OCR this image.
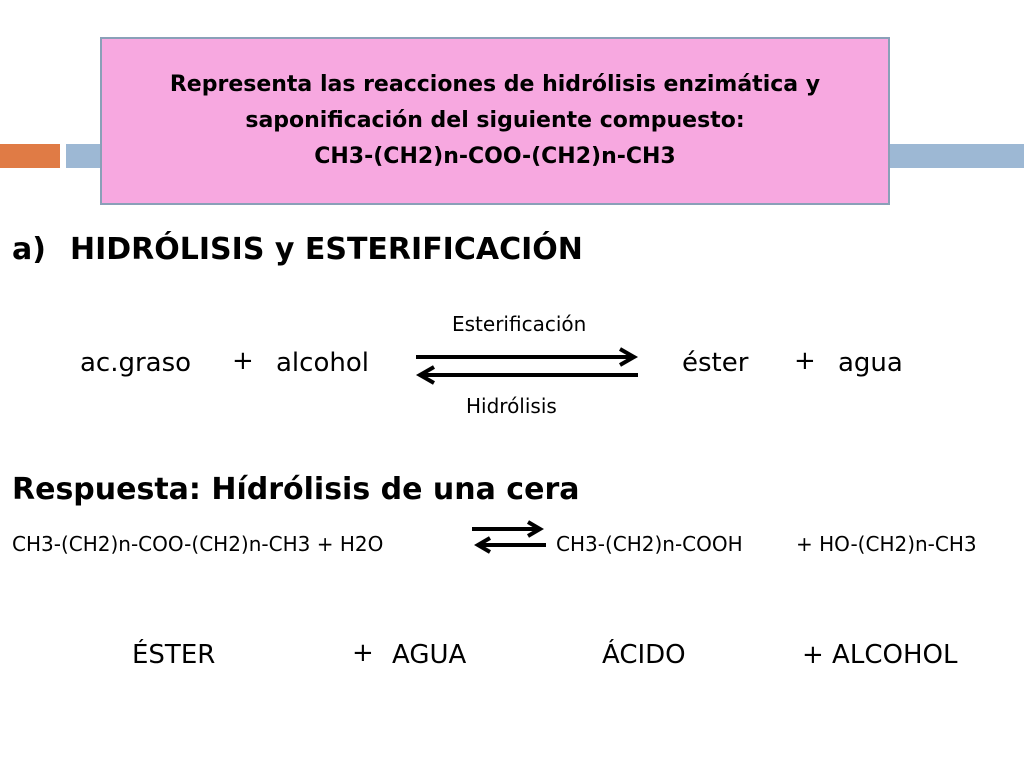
Representa las reacciones de hidrólisis enzimática y
saponificación del siguiente compuesto:
CH3-(CH2)n-COO-(CH2)n-CH3
a) HIDRÓLISIS y ESTERIFICACIÓN
Esterificación
ac.graso + alcohol	éster + agua
Hidrólisis
Respuesta: Hídrólisis de una cera
CH3-(CH2)n-COO-(CH2)n-CH3 + H2O	CH3-(CH2)n-COOH	+ HO-(CH2)n-CH3
ÉSTER	+ AGUA	ÁCIDO	+ ALCOHOL
